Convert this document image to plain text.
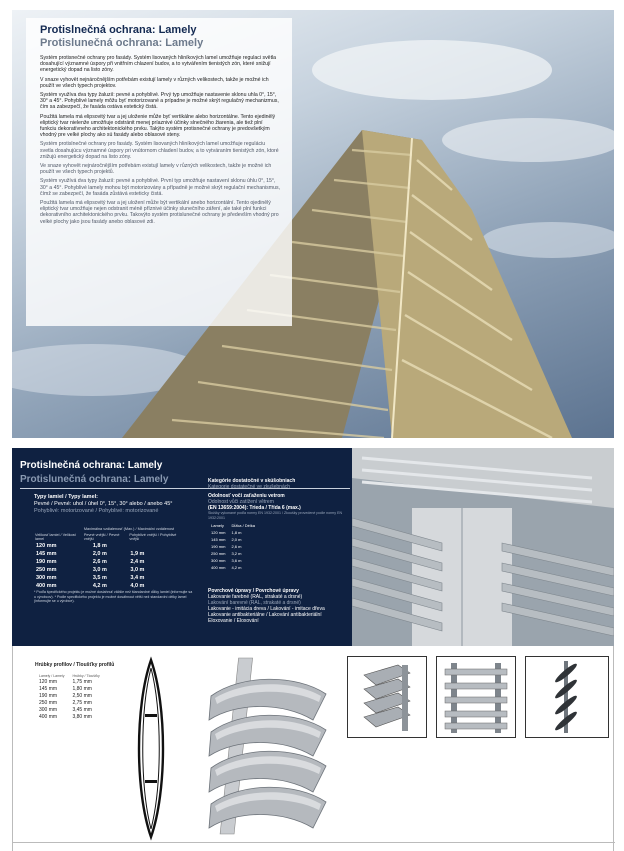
Protislnečná ochrana: Lamely
Protislunečná ochrana: Lamely

Systém protisnečné ochrany pro fasády. Systém lisovaných hliníkových lamel umožňuje regulaci světla dosahující významné úspory při vnitřním chlazení budov, a to vytvářením tienistých zón, které snižují energetický dopad na listo zóny.

V snaze vyhovět nejnáročnějším potřebám existují lamely v různých velikostech, takže je možné ich použít ve všech typech projektov.

Systém využíva dva typy žaluzií: pevné a pohyblivé. Prvý typ umožňuje nastavenie sklonu uhla 0°, 15°, 30° a 45°. Pohyblivé lamely môžu byť motorizované a prípadne je možné skrýt regulačný mechanizmus, čím sa zabezpečí, že fasáda ostáva estetický čistá.

Použitá lamela má elipsovitý tvar a jej uloženie může byť vertikálne alebo horizontálne. Tento ejedinělý eliptický tvar nielenže umožňuje odstránit menej príaznivé účinky slnečného žiarenia, ale tiež plní funkciu dekoratívneho architektonického prvku. Takýto systém protisnečné ochrany je predovšetkým vhodný pre velké plochy ako sú fasády alebo oblasové steny.

Systém protislnečné ochrany pro fasády. Systém lisovaných hliníkových lamel umožňuje reguláciu svetla dosahujúcu významné úspory pri vnútornom chladení budov, a to vytváraním tienistých zón, ktoré znižujú energetický dopad na listo zóny.

Ve snaze vyhovět nejnáročnějším potřebám existují lamely v různých velikostech, takže je možné ich použít ve všech typech projektů.

Systém využívá dva typy žaluzií: pevné a pohyblivé. První typ umožňuje nastavení sklonu úhlu 0°, 15°, 30° a 45°. Pohyblivé lamely mohou být motorizovány a případně je možné skrýt regulační mechanismus, čímž se zabezpečí, že fasáda zůstává esteticky čistá.

Použitá lamela má elipsovitý tvar a jej uložení může být vertikální anebo horizontální. Tento ojedinělý eliptický tvar umožňuje nejen odstranit méně příznivé účinky slunečního záření, ale také plní funkci dekorativního architektonického prvku. Takovýto systém protislunečné ochrany je především vhodný pro velké plochy jako jsou fasády anebo oblasové zdi.

Protislnečná ochrana: Lamely
Protislunečná ochrana: Lamely
Typy lamiel / Typy lamel:
Pevné / Pevné: uhol / úhel 0°, 15°, 30° alebo / anebo 45°
Pohyblivé: motorizované / Pohyblivé: motorizované
	Maximálna vzdialenosť (Max.) / Maximální vzdálenost	
Velikosť lamiel / Velikost lamel	Pevné vnější / Pevné vnější	Pohyblivé vnější / Pohyblivé vnější
120 mm	1,8 m	
145 mm	2,0 m	1,9 m
190 mm	2,6 m	2,4 m
250 mm	3,0 m	3,0 m
300 mm	3,5 m	3,4 m
400 mm	4,2 m	4,0 m
* Podľa špecifického projektu je možné dosiahnuť väčšie než štandardné dĺžky lamiel (informujte sa u výrobcov). * Podle specifického projektu je možné dosáhnout větší než standardní délky lamel (informujte se u výrobce).
Kategórie dostatočné v skúšobniach
Kategorie dostatečné ve zkušebnách
Odolnosť voči zaťaženiu vetrom
Odolnost vůči zatížení větrem
(EN 13659:2004): Trieda / Třída 6 (max.)
Skúšky vykonané podľa normy EN 1932:2001 / Zkoušky provedené podle normy EN 1932:2001
Lamely	Dĺžka / Délka
120 mm	1,8 m
145 mm	2,0 m
190 mm	2,6 m
250 mm	3,2 m
300 mm	3,6 m
400 mm	4,2 m
Povrchové úpravy / Povrchové úpravy
Lakovanie farebné (RAL, strakaté a drsné)
Lakování barevné (RAL, strakaté a drsné)
Lakovanie - imitácia dreva / Lakování - imitace dřeva
Lakovanie antibakteriálne / Lakování antibakteriální
Eloxovanie / Eloxování
Hrúbky profilov / Tloušťky profilů
Lamely / Lamely	Hrúbky / Tloušťky
120 mm	1,75 mm
145 mm	1,80 mm
190 mm	2,50 mm
250 mm	2,75 mm
300 mm	3,45 mm
400 mm	3,80 mm
